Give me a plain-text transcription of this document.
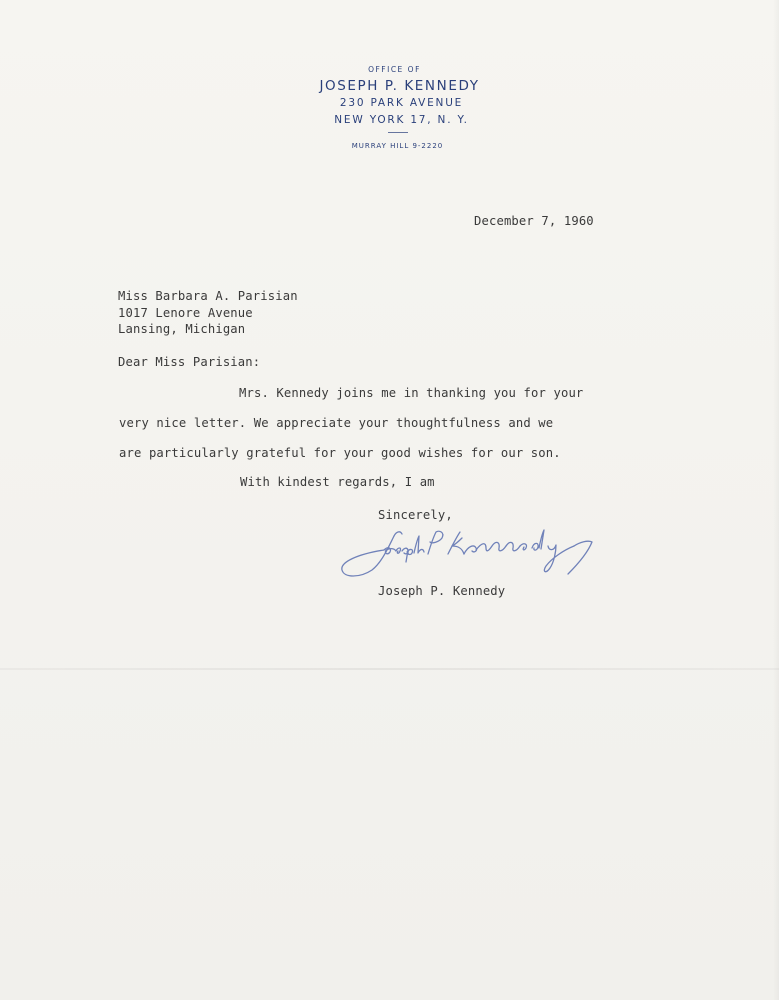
OFFICE OF
JOSEPH P. KENNEDY
230 PARK AVENUE
NEW YORK 17, N. Y.
MURRAY HILL 9-2220
December 7, 1960
Miss Barbara A. Parisian
1017 Lenore Avenue
Lansing, Michigan
Dear Miss Parisian:
Mrs. Kennedy joins me in thanking you for your
very nice letter. We appreciate your thoughtfulness and we
are particularly grateful for your good wishes for our son.
With kindest regards, I am
Sincerely,
Joseph P. Kennedy
